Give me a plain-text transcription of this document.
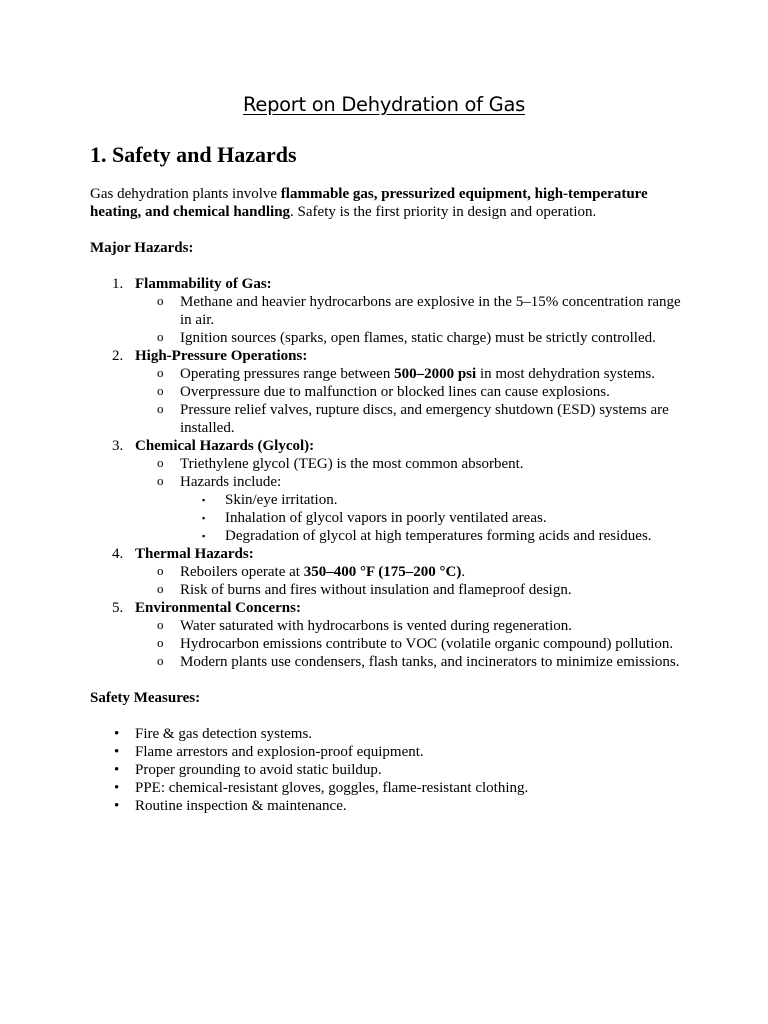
Report on Dehydration of Gas
1. Safety and Hazards

Gas dehydration plants involve flammable gas, pressurized equipment, high-temperature heating, and chemical handling. Safety is the first priority in design and operation.

Major Hazards:

1. Flammability of Gas:
o Methane and heavier hydrocarbons are explosive in the 5–15% concentration range in air.
o Ignition sources (sparks, open flames, static charge) must be strictly controlled.
2. High-Pressure Operations:
o Operating pressures range between 500–2000 psi in most dehydration systems.
o Overpressure due to malfunction or blocked lines can cause explosions.
o Pressure relief valves, rupture discs, and emergency shutdown (ESD) systems are installed.
3. Chemical Hazards (Glycol):
o Triethylene glycol (TEG) is the most common absorbent.
o Hazards include:
▪ Skin/eye irritation.
▪ Inhalation of glycol vapors in poorly ventilated areas.
▪ Degradation of glycol at high temperatures forming acids and residues.
4. Thermal Hazards:
o Reboilers operate at 350–400 °F (175–200 °C).
o Risk of burns and fires without insulation and flameproof design.
5. Environmental Concerns:
o Water saturated with hydrocarbons is vented during regeneration.
o Hydrocarbon emissions contribute to VOC (volatile organic compound) pollution.
o Modern plants use condensers, flash tanks, and incinerators to minimize emissions.

Safety Measures:

• Fire & gas detection systems.
• Flame arrestors and explosion-proof equipment.
• Proper grounding to avoid static buildup.
• PPE: chemical-resistant gloves, goggles, flame-resistant clothing.
• Routine inspection & maintenance.
